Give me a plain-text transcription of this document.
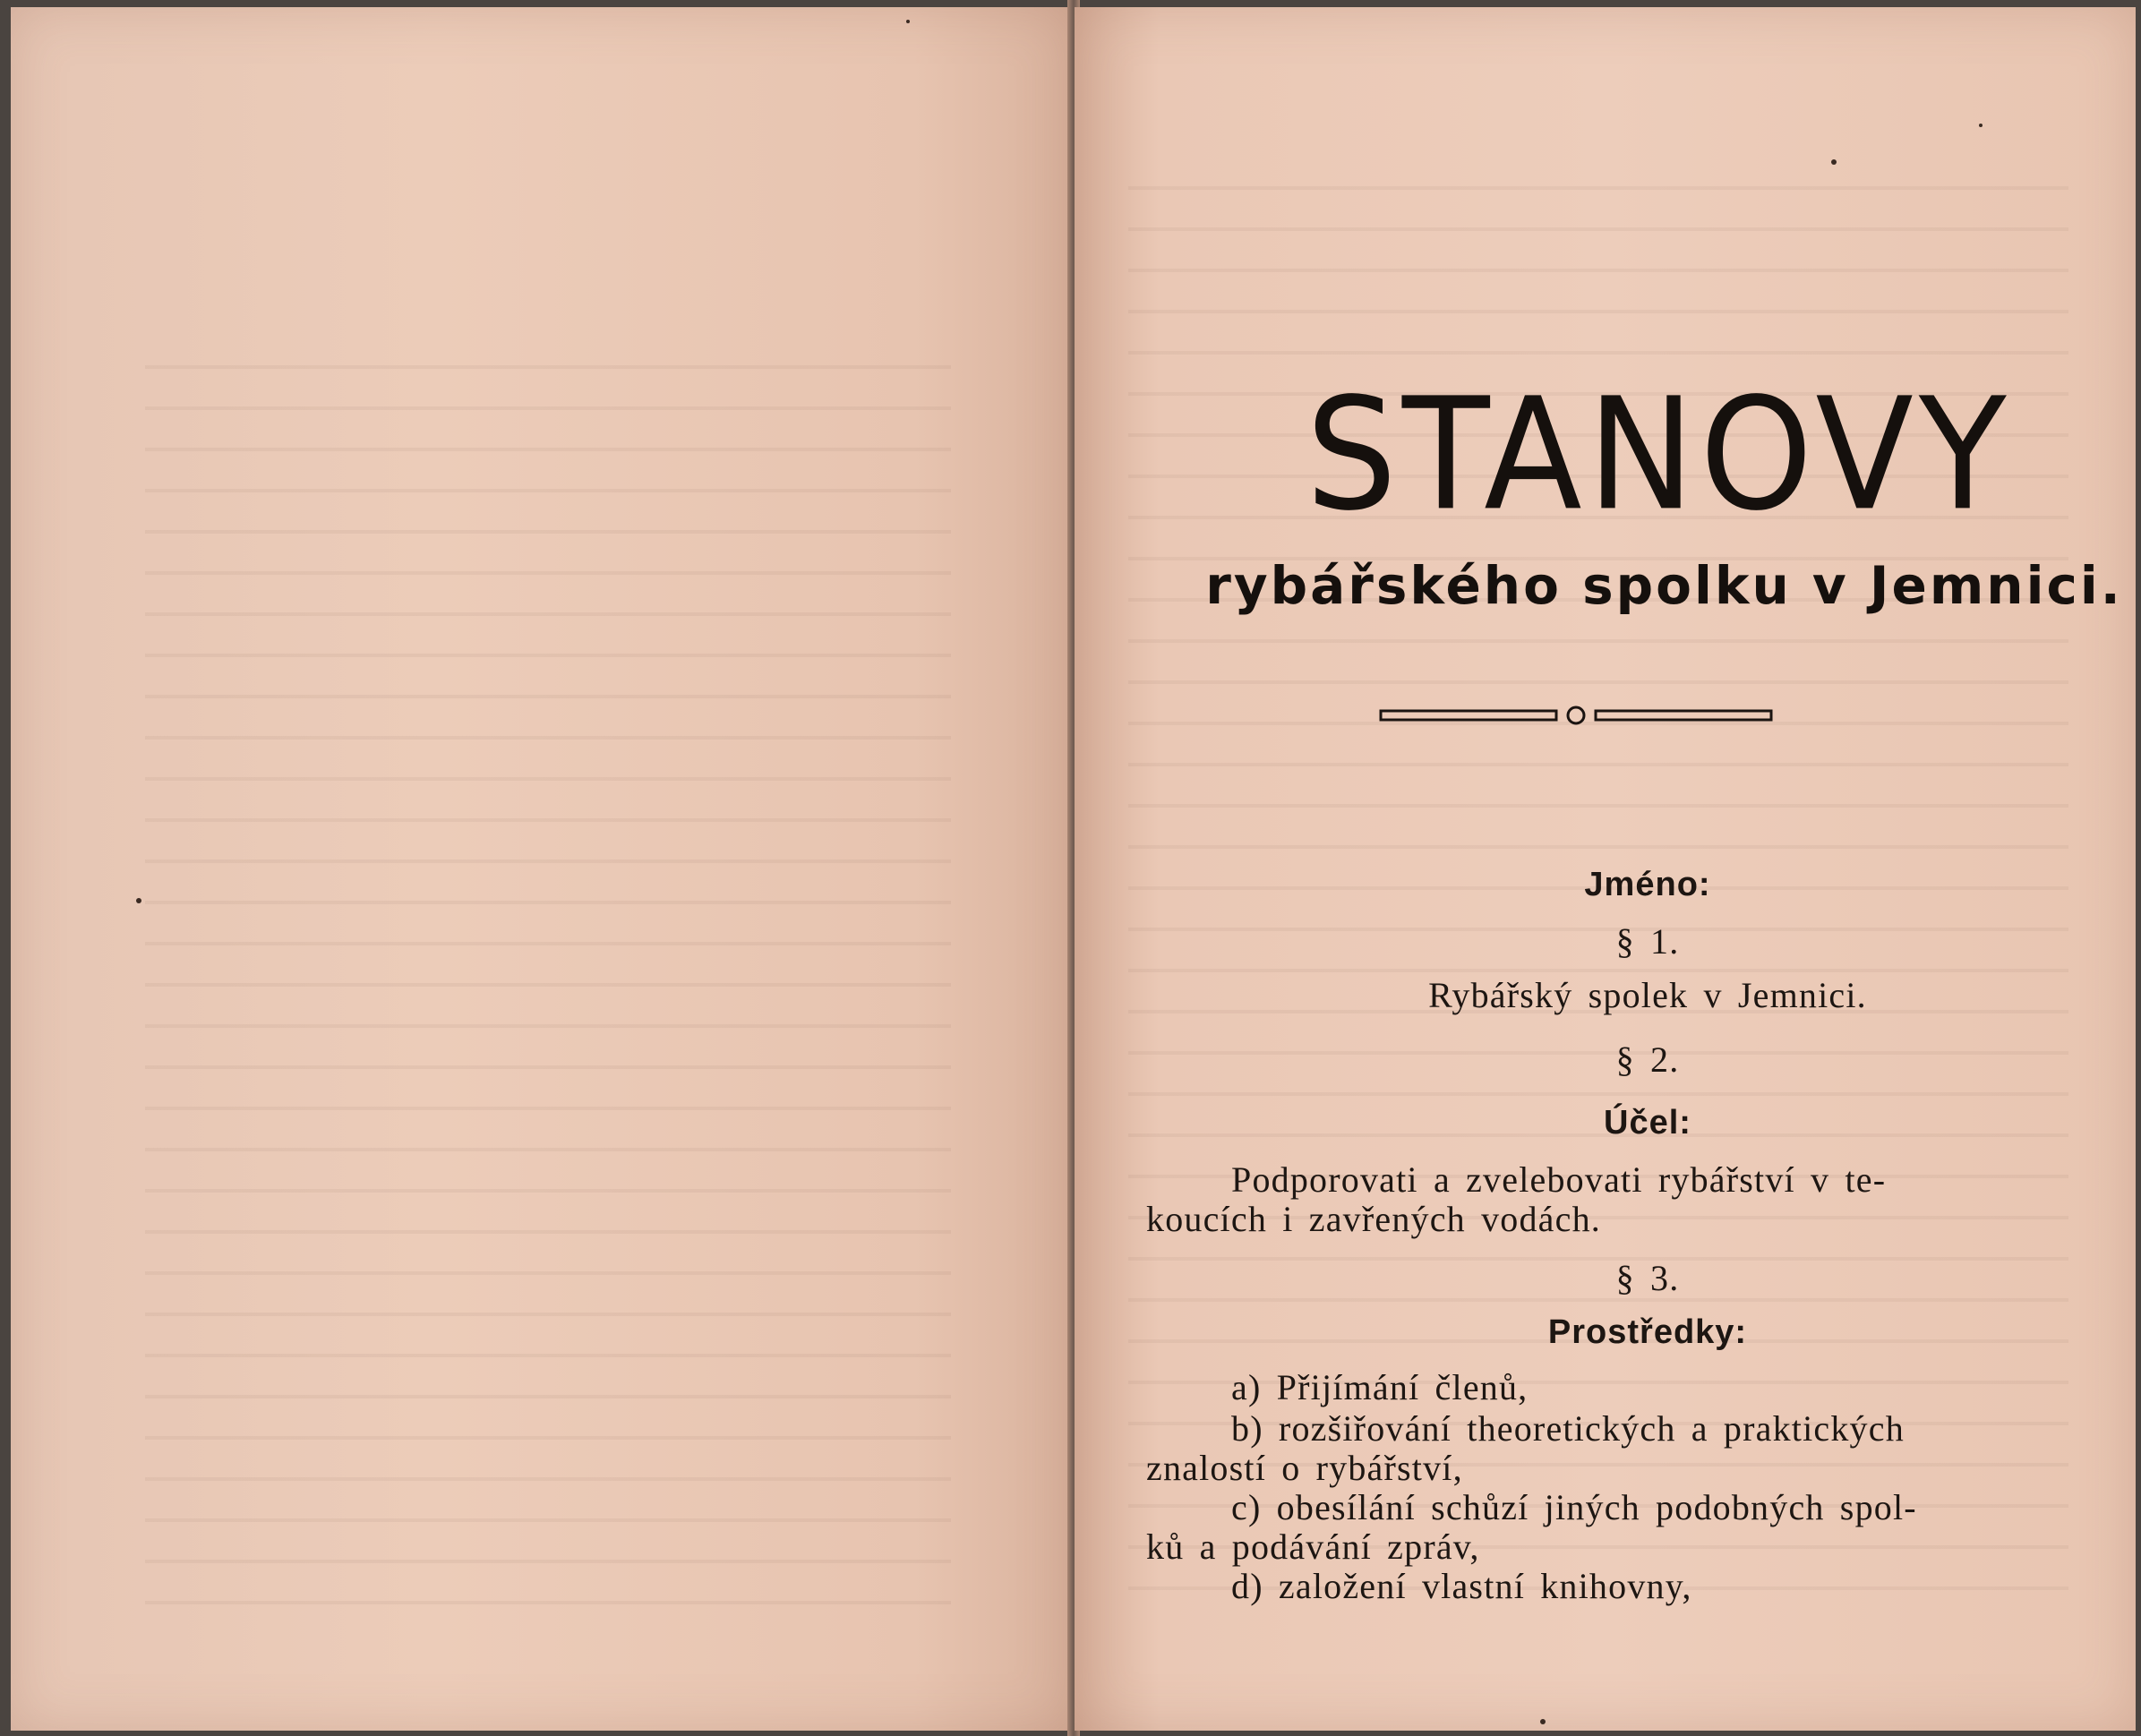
STANOVY
rybářského spolku v Jemnici.
Jméno:
§ 1.
Rybářský spolek v Jemnici.
§ 2.
Účel:
Podporovati a zvelebovati rybářství v te-
koucích i zavřených vodách.
§ 3.
Prostředky:
a) Přijímání členů,
b) rozšiřování theoretických a praktických
znalostí o rybářství,
c) obesílání schůzí jiných podobných spol-
ků a podávání zpráv,
d) založení vlastní knihovny,
